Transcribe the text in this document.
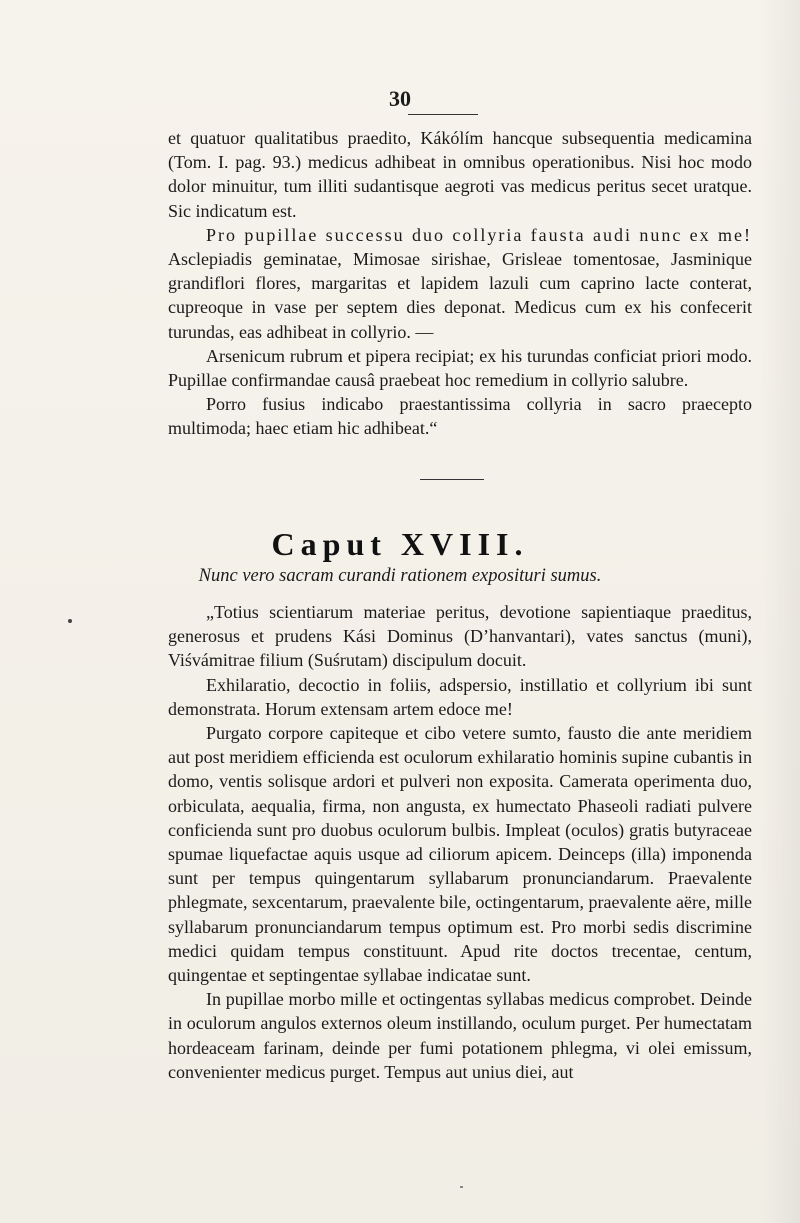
30

et quatuor qualitatibus praedito, Kákólím hancque subsequentia medicamina (Tom. I. pag. 93.) medicus adhibeat in omnibus operationibus. Nisi hoc modo dolor minuitur, tum illiti sudantisque aegroti vas medicus peritus secet uratque. Sic indicatum est.

Pro pupillae successu duo collyria fausta audi nunc ex me! Asclepiadis geminatae, Mimosae sirishae, Grisleae tomentosae, Jasminique grandiflori flores, margaritas et lapidem lazuli cum caprino lacte conterat, cupreoque in vase per septem dies deponat. Medicus cum ex his confecerit turundas, eas adhibeat in collyrio. —

Arsenicum rubrum et pipera recipiat; ex his turundas conficiat priori modo. Pupillae confirmandae causâ praebeat hoc remedium in collyrio salubre.

Porro fusius indicabo praestantissima collyria in sacro praecepto multimoda; haec etiam hic adhibeat.“

Caput XVIII.
Nunc vero sacram curandi rationem exposituri sumus.

„Totius scientiarum materiae peritus, devotione sapientiaque praeditus, generosus et prudens Kási Dominus (D’hanvantari), vates sanctus (muni), Viśvámitrae filium (Suśrutam) discipulum docuit.

Exhilaratio, decoctio in foliis, adspersio, instillatio et collyrium ibi sunt demonstrata. Horum extensam artem edoce me!

Purgato corpore capiteque et cibo vetere sumto, fausto die ante meridiem aut post meridiem efficienda est oculorum exhilaratio hominis supine cubantis in domo, ventis solisque ardori et pulveri non exposita. Camerata operimenta duo, orbiculata, aequalia, firma, non angusta, ex humectato Phaseoli radiati pulvere conficienda sunt pro duobus oculorum bulbis. Impleat (oculos) gratis butyraceae spumae liquefactae aquis usque ad ciliorum apicem. Deinceps (illa) imponenda sunt per tempus quingentarum syllabarum pronunciandarum. Praevalente phlegmate, sexcentarum, praevalente bile, octingentarum, praevalente aëre, mille syllabarum pronunciandarum tempus optimum est. Pro morbi sedis discrimine medici quidam tempus constituunt. Apud rite doctos trecentae, centum, quingentae et septingentae syllabae indicatae sunt.

In pupillae morbo mille et octingentas syllabas medicus comprobet. Deinde in oculorum angulos externos oleum instillando, oculum purget. Per humectatam hordeaceam farinam, deinde per fumi potationem phlegma, vi olei emissum, convenienter medicus purget. Tempus aut unius diei, aut
